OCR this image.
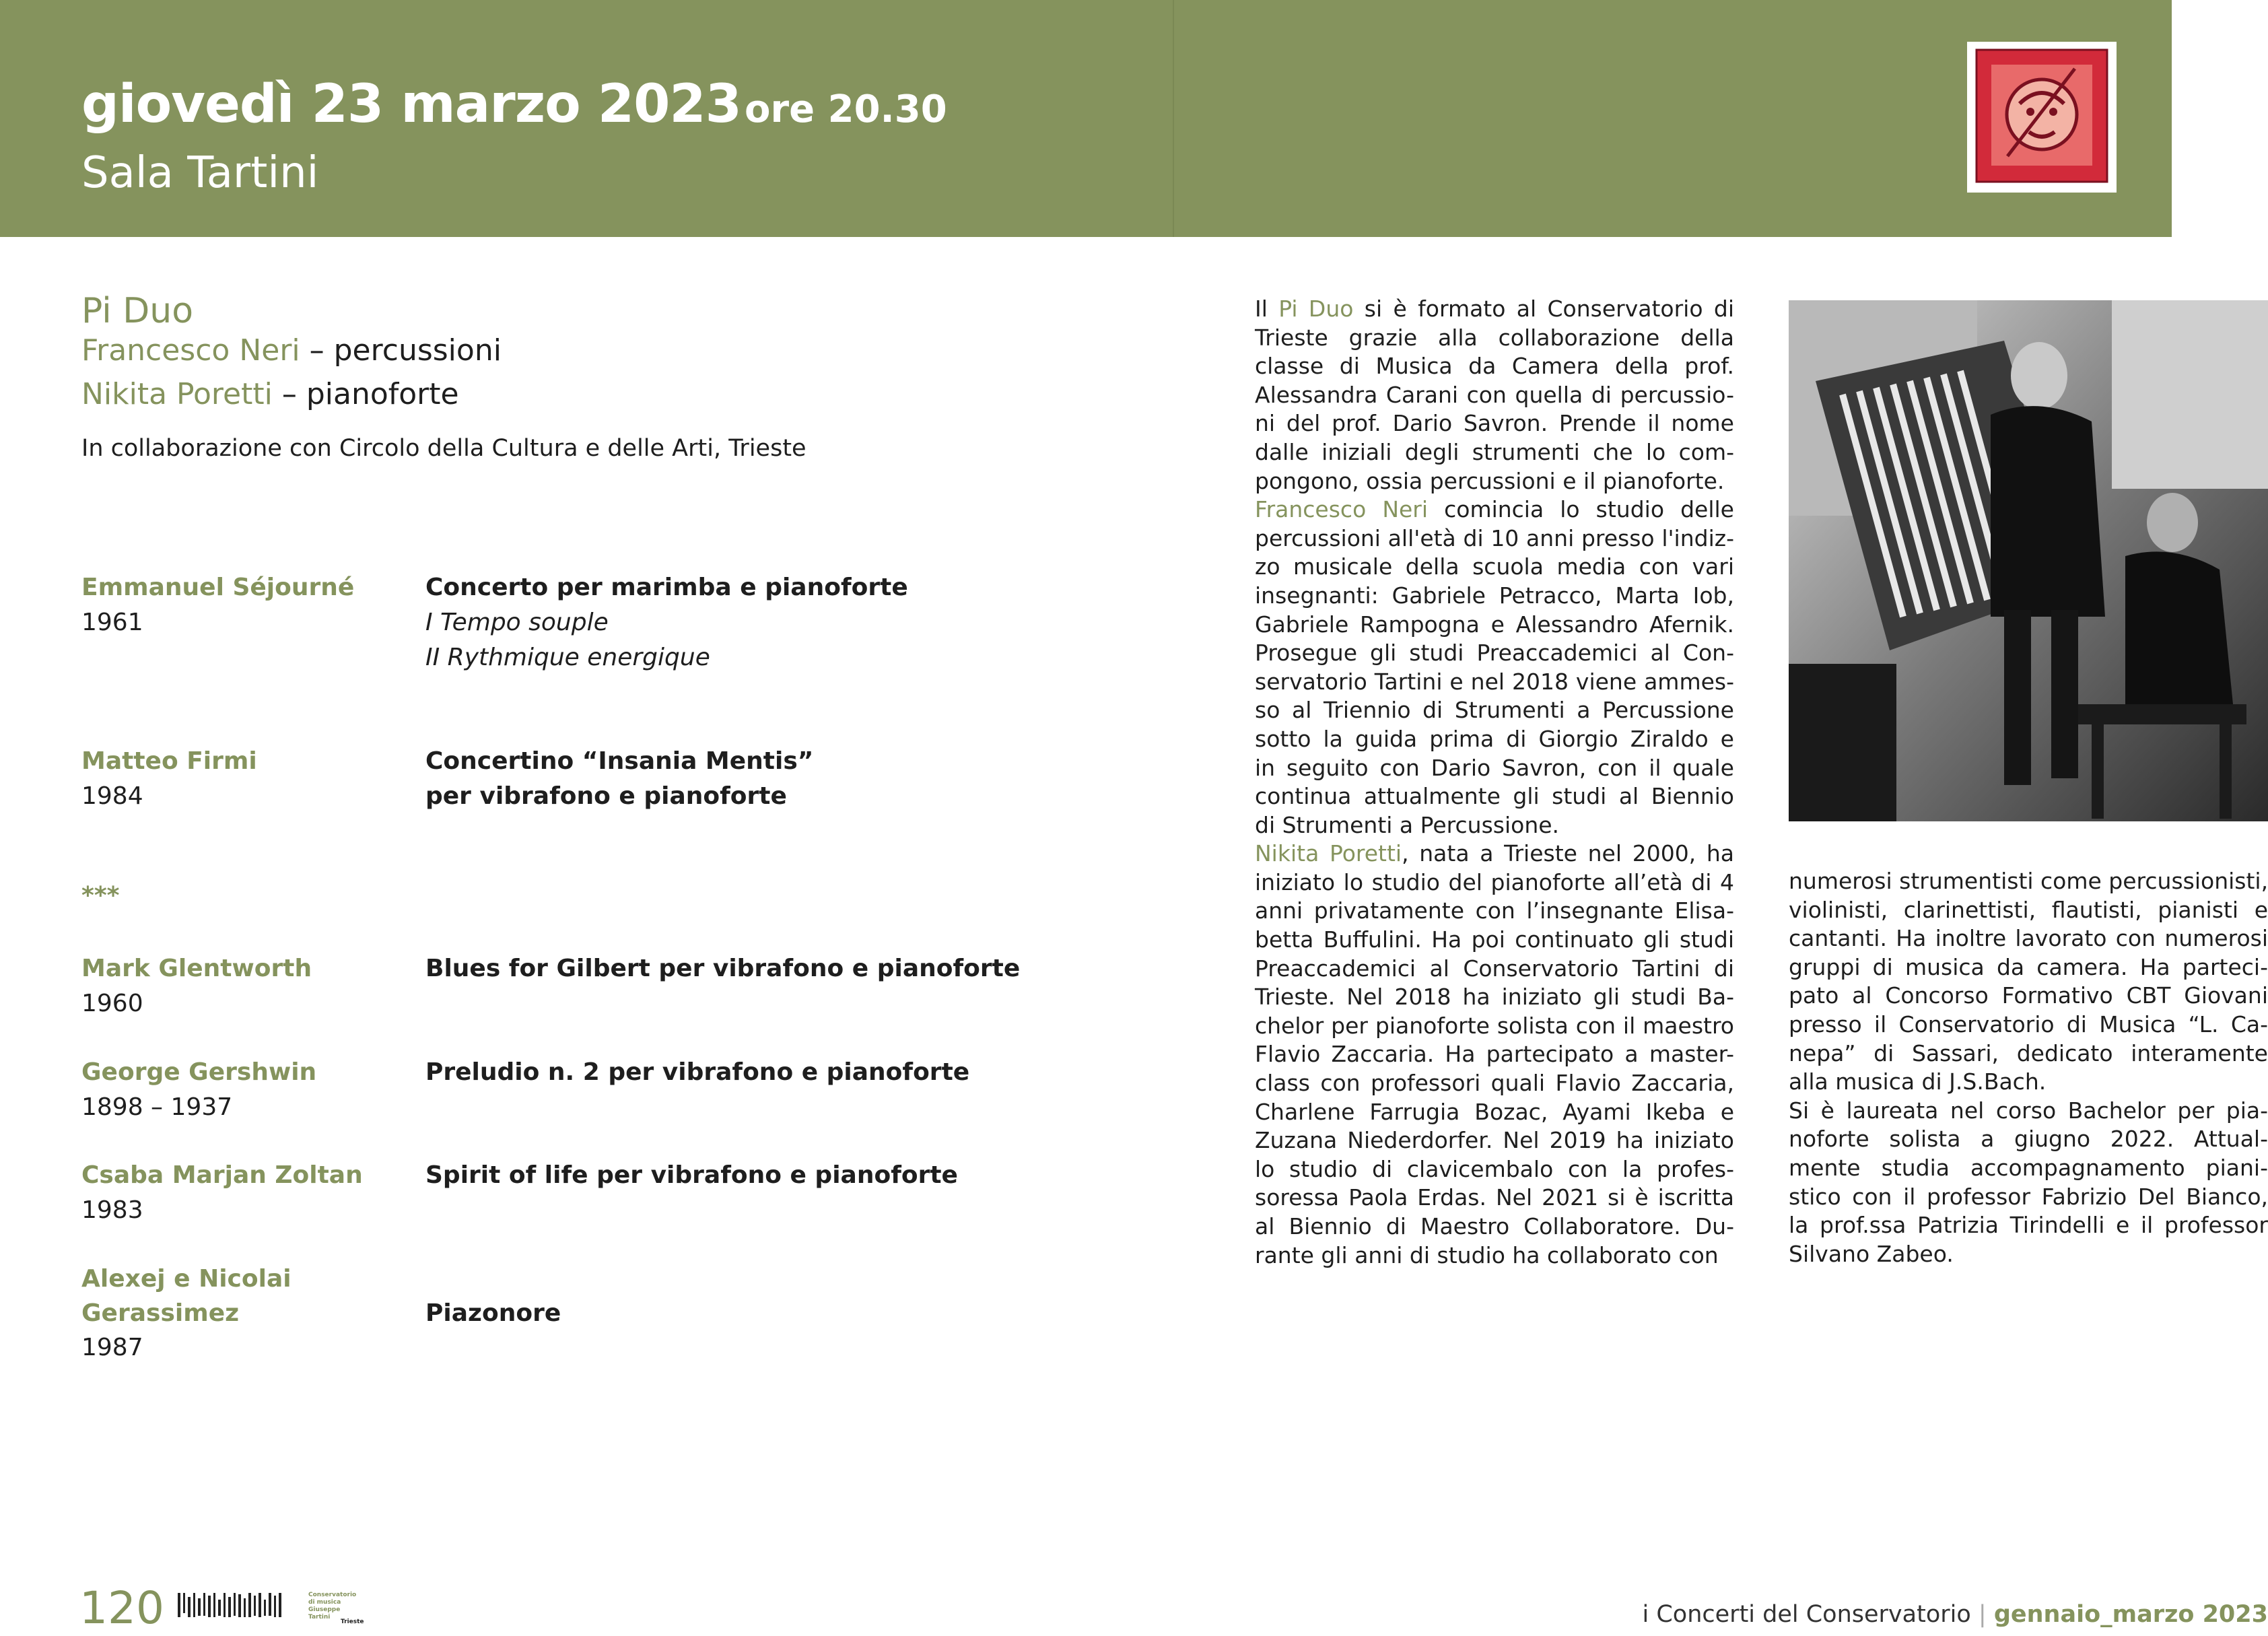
giovedì 23 marzo 2023 ore 20.30
Sala Tartini
Pi Duo
Francesco Neri – percussioni
Nikita Poretti – pianoforte
In collaborazione con Circolo della Cultura e delle Arti, Trieste
Emmanuel Séjourné
1961
Concerto per marimba e pianoforte
I Tempo souple
II Rythmique energique
Matteo Firmi
1984
Concertino “Insania Mentis”
per vibrafono e pianoforte
***
Mark Glentworth
1960
Blues for Gilbert per vibrafono e pianoforte
George Gershwin
1898 – 1937
Preludio n. 2 per vibrafono e pianoforte
Csaba Marjan Zoltan
1983
Spirit of life per vibrafono e pianoforte
Alexej e Nicolai
Gerassimez
1987
Piazonore
Il Pi Duo si è formato al Conservatorio di
Trieste grazie alla collaborazione della
classe di Musica da Camera della prof.
Alessandra Carani con quella di percussio-
ni del prof. Dario Savron. Prende il nome
dalle iniziali degli strumenti che lo com-
pongono, ossia percussioni e il pianoforte.
Francesco Neri comincia lo studio delle
percussioni all'età di 10 anni presso l'indiz-
zo musicale della scuola media con vari
insegnanti: Gabriele Petracco, Marta Iob,
Gabriele Rampogna e Alessandro Afernik.
Prosegue gli studi Preaccademici al Con-
servatorio Tartini e nel 2018 viene ammes-
so al Triennio di Strumenti a Percussione
sotto la guida prima di Giorgio Ziraldo e
in seguito con Dario Savron, con il quale
continua attualmente gli studi al Biennio
di Strumenti a Percussione.
Nikita Poretti, nata a Trieste nel 2000, ha
iniziato lo studio del pianoforte all’età di 4
anni privatamente con l’insegnante Elisa-
betta Buffulini. Ha poi continuato gli studi
Preaccademici al Conservatorio Tartini di
Trieste. Nel 2018 ha iniziato gli studi Ba-
chelor per pianoforte solista con il maestro
Flavio Zaccaria. Ha partecipato a master-
class con professori quali Flavio Zaccaria,
Charlene Farrugia Bozac, Ayami Ikeba e
Zuzana Niederdorfer. Nel 2019 ha iniziato
lo studio di clavicembalo con la profes-
soressa Paola Erdas. Nel 2021 si è iscritta
al Biennio di Maestro Collaboratore. Du-
rante gli anni di studio ha collaborato con
numerosi strumentisti come percussionisti,
violinisti, clarinettisti, flautisti, pianisti e
cantanti. Ha inoltre lavorato con numerosi
gruppi di musica da camera. Ha parteci-
pato al Concorso Formativo CBT Giovani
presso il Conservatorio di Musica “L. Ca-
nepa” di Sassari, dedicato interamente
alla musica di J.S.Bach.
Si è laureata nel corso Bachelor per pia-
noforte solista a giugno 2022. Attual-
mente studia accompagnamento piani-
stico con il professor Fabrizio Del Bianco,
la prof.ssa Patrizia Tirindelli e il professor
Silvano Zabeo.
120	Conservatorio
di musica
Giuseppe
Tartini
Trieste	i Concerti del Conservatorio | gennaio_marzo 2023
